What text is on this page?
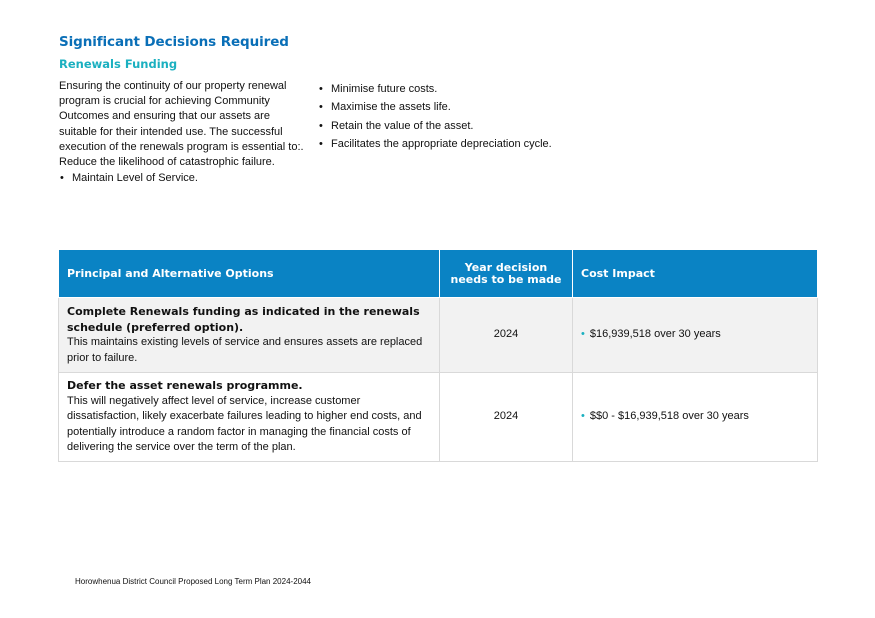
Significant Decisions Required
Renewals Funding

Ensuring the continuity of our property renewal program is crucial for achieving Community Outcomes and ensuring that our assets are suitable for their intended use. The successful execution of the renewals program is essential to:. Reduce the likelihood of catastrophic failure.

• Maintain Level of Service.
• Minimise future costs.
• Maximise the assets life.
• Retain the value of the asset.
• Facilitates the appropriate depreciation cycle.
Principal and Alternative Options	Year decision needs to be made	Cost Impact

Complete Renewals funding as indicated in the renewals schedule (preferred option).
This maintains existing levels of service and ensures assets are replaced prior to failure.	2024	• $16,939,518 over 30 years

Defer the asset renewals programme.
This will negatively affect level of service, increase customer dissatisfaction, likely exacerbate failures leading to higher end costs, and potentially introduce a random factor in managing the financial costs of delivering the service over the term of the plan.	2024	• $$0 - $16,939,518 over 30 years
Horowhenua District Council Proposed Long Term Plan 2024-2044
